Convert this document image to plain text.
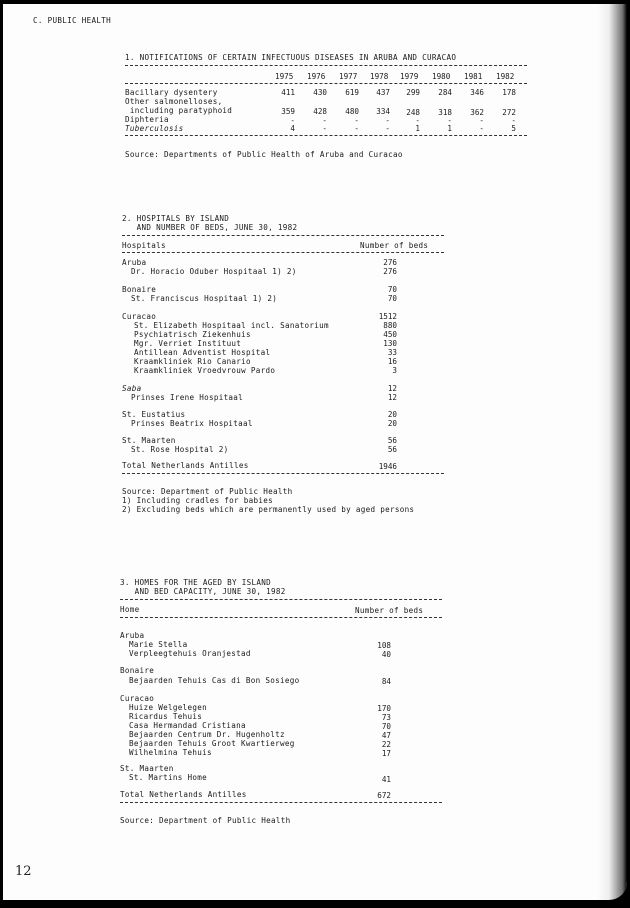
C. PUBLIC HEALTH
1. NOTIFICATIONS OF CERTAIN INFECTUOUS DISEASES IN ARUBA AND CURACAO
1975 1976 1977 1978 1979 1980 1981 1982
Bacillary dysentery	411	430	619	437	299	284	346	178
Other salmonelloses,
including paratyphoid	359	428	480	334	248	318	362	272
Diphteria	-	-	-	-	-	-	-	-
Tuberculosis	4	-	-	-	1	1	-	5
Source: Departments of Public Health of Aruba and Curacao
2. HOSPITALS BY ISLAND
AND NUMBER OF BEDS, JUNE 30, 1982
Hospitals	Number of beds
Aruba	276
Dr. Horacio Oduber Hospitaal 1) 2)	276
Bonaire	70
St. Franciscus Hospitaal 1) 2)	70
Curacao	1512
St. Elizabeth Hospitaal incl. Sanatorium	880
Psychiatrisch Ziekenhuis	450
Mgr. Verriet Instituut	130
Antillean Adventist Hospital	33
Kraamkliniek Rio Canario	16
Kraamkliniek Vroedvrouw Pardo	3
Saba	12
Prinses Irene Hospitaal	12
St. Eustatius	20
Prinses Beatrix Hospitaal	20
St. Maarten	56
St. Rose Hospital 2)	56
Total Netherlands Antilles	1946
Source: Department of Public Health
1) Including cradles for babies
2) Excluding beds which are permanently used by aged persons
3. HOMES FOR THE AGED BY ISLAND
AND BED CAPACITY, JUNE 30, 1982
Home	Number of beds
Aruba
Marie Stella	108
Verpleegtehuis Oranjestad	40
Bonaire
Bejaarden Tehuis Cas di Bon Sosiego	84
Curacao
Huize Welgelegen	170
Ricardus Tehuis	73
Casa Hermandad Cristiana	70
Bejaarden Centrum Dr. Hugenholtz	47
Bejaarden Tehuis Groot Kwartierweg	22
Wilhelmina Tehuis	17
St. Maarten
St. Martins Home	41
Total Netherlands Antilles	672
Source: Department of Public Health
12
